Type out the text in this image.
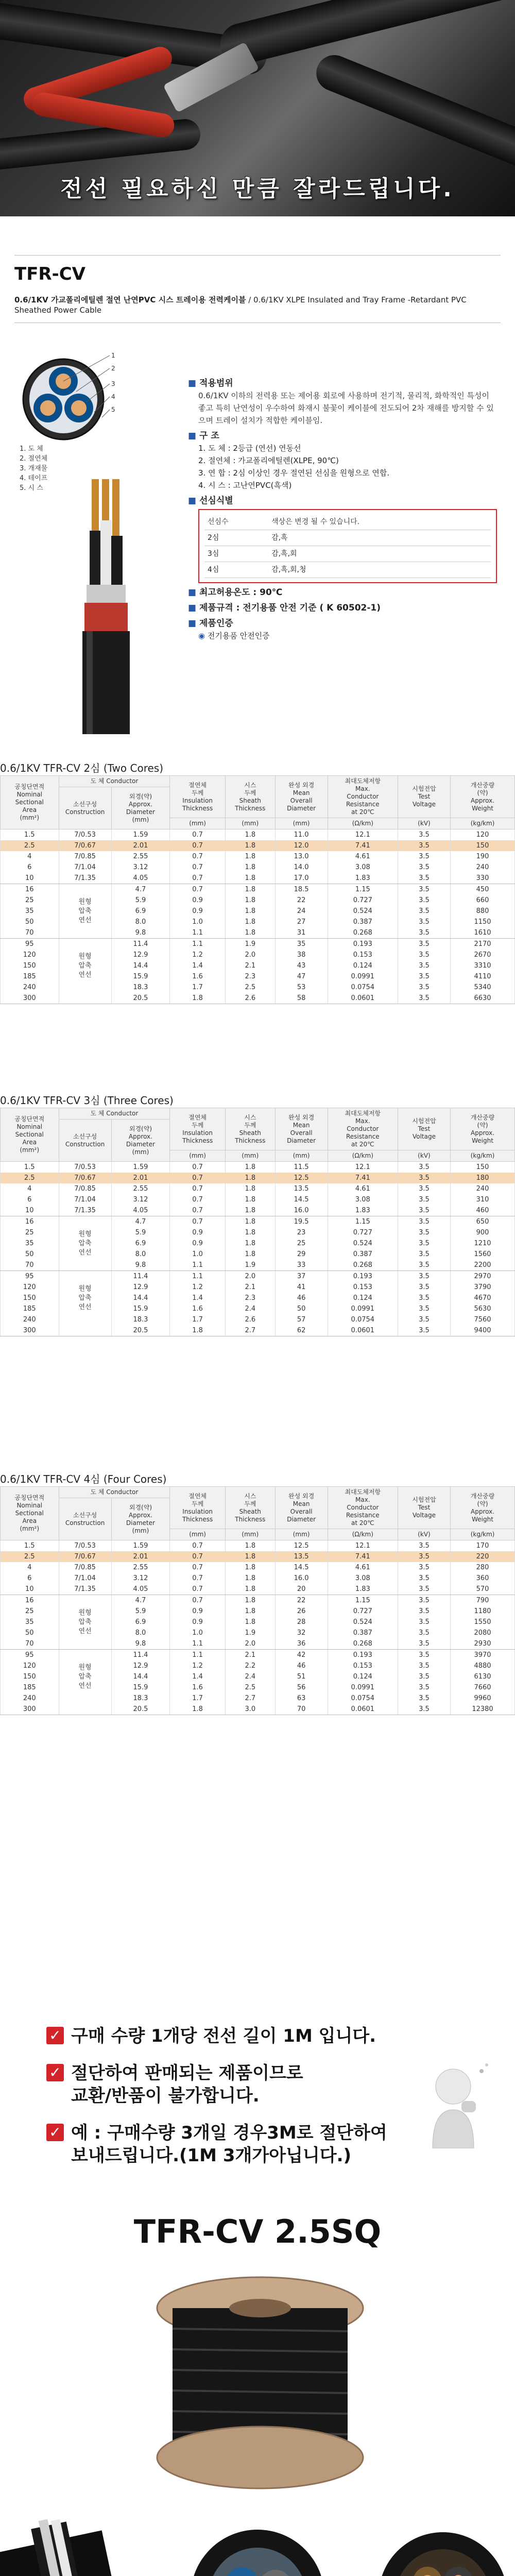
전선 필요하신 만큼 잘라드립니다.
TFR-CV
0.6/1KV 가교폴리에틸렌 절연 난연PVC 시스 트레이용 전력케이블 / 0.6/1KV XLPE Insulated and Tray Frame -Retardant PVC Sheathed Power Cable
1
2
3
4
5
1. 도 체
2. 절연체
3. 개재물
4. 테이프
5. 시 스
■ 적용범위
0.6/1KV 이하의 전력용 또는 제어용 회로에 사용하며 전기적, 물리적, 화학적인 특성이 좋고 특히 난연성이 우수하여 화재시 불꽃이 케이블에 전도되어 2차 재해를 방지할 수 있으며 트레이 설치가 적합한 케이블임.
■ 구 조
1. 도 체 : 2등급 (연선) 연동선
2. 절연체 : 가교폴리에틸렌(XLPE, 90℃)
3. 연 합 : 2심 이상인 경우 절연된 선심을 원형으로 연합.
4. 시 스 : 고난연PVC(흑색)
■ 선심식별
선심수	색상은 변경 될 수 있습니다.
2심	감,흑
3심	감,흑,회
4심	감,흑,회,청
■ 최고허용온도 : 90℃
■ 제품규격 : 전기용품 안전 기준 ( K 60502-1)
■ 제품인증
◉ 전기용품 안전인증
0.6/1KV TFR-CV 2심 (Two Cores)
공칭단면적
Nominal
Sectional
Area
(mm²)	도 체 Conductor		절연체
두께
Insulation
Thickness	시스
두께
Sheath
Thickness	완성 외경
Mean
Overall
Diameter	최대도체저항
Max.
Conductor
Resistance
at 20℃	시험전압
Test
Voltage	개산중량
(약)
Approx.
Weight
	소선구성
Construction	외경(약)
Approx.
Diameter
(mm)						
			(mm)	(mm)	(mm)	(Ω/km)	(kV)	(kg/km)
1.5	7/0.53	1.59	0.7	1.8	11.0	12.1	3.5	120
2.5	7/0.67	2.01	0.7	1.8	12.0	7.41	3.5	150
4	7/0.85	2.55	0.7	1.8	13.0	4.61	3.5	190
6	7/1.04	3.12	0.7	1.8	14.0	3.08	3.5	240
10	7/1.35	4.05	0.7	1.8	17.0	1.83	3.5	330
16	원형
압축
연선	4.7	0.7	1.8	18.5	1.15	3.5	450
25		5.9	0.9	1.8	22	0.727	3.5	660
35		6.9	0.9	1.8	24	0.524	3.5	880
50		8.0	1.0	1.8	27	0.387	3.5	1150
70		9.8	1.1	1.8	31	0.268	3.5	1610
95	원형
압축
연선	11.4	1.1	1.9	35	0.193	3.5	2170
120		12.9	1.2	2.0	38	0.153	3.5	2670
150		14.4	1.4	2.1	43	0.124	3.5	3310
185		15.9	1.6	2.3	47	0.0991	3.5	4110
240		18.3	1.7	2.5	53	0.0754	3.5	5340
300		20.5	1.8	2.6	58	0.0601	3.5	6630
0.6/1KV TFR-CV 3심 (Three Cores)
공칭단면적
Nominal
Sectional
Area
(mm²)	도 체 Conductor		절연체
두께
Insulation
Thickness	시스
두께
Sheath
Thickness	완성 외경
Mean
Overall
Diameter	최대도체저항
Max.
Conductor
Resistance
at 20℃	시험전압
Test
Voltage	개산중량
(약)
Approx.
Weight
	소선구성
Construction	외경(약)
Approx.
Diameter
(mm)						
			(mm)	(mm)	(mm)	(Ω/km)	(kV)	(kg/km)
1.5	7/0.53	1.59	0.7	1.8	11.5	12.1	3.5	150
2.5	7/0.67	2.01	0.7	1.8	12.5	7.41	3.5	180
4	7/0.85	2.55	0.7	1.8	13.5	4.61	3.5	240
6	7/1.04	3.12	0.7	1.8	14.5	3.08	3.5	310
10	7/1.35	4.05	0.7	1.8	16.0	1.83	3.5	460
16	원형
압축
연선	4.7	0.7	1.8	19.5	1.15	3.5	650
25		5.9	0.9	1.8	23	0.727	3.5	900
35		6.9	0.9	1.8	25	0.524	3.5	1210
50		8.0	1.0	1.8	29	0.387	3.5	1560
70		9.8	1.1	1.9	33	0.268	3.5	2200
95	원형
압축
연선	11.4	1.1	2.0	37	0.193	3.5	2970
120		12.9	1.2	2.1	41	0.153	3.5	3790
150		14.4	1.4	2.3	46	0.124	3.5	4670
185		15.9	1.6	2.4	50	0.0991	3.5	5630
240		18.3	1.7	2.6	57	0.0754	3.5	7560
300		20.5	1.8	2.7	62	0.0601	3.5	9400
0.6/1KV TFR-CV 4심 (Four Cores)
공칭단면적
Nominal
Sectional
Area
(mm²)	도 체 Conductor		절연체
두께
Insulation
Thickness	시스
두께
Sheath
Thickness	완성 외경
Mean
Overall
Diameter	최대도체저항
Max.
Conductor
Resistance
at 20℃	시험전압
Test
Voltage	개산중량
(약)
Approx.
Weight
	소선구성
Construction	외경(약)
Approx.
Diameter
(mm)						
			(mm)	(mm)	(mm)	(Ω/km)	(kV)	(kg/km)
1.5	7/0.53	1.59	0.7	1.8	12.5	12.1	3.5	170
2.5	7/0.67	2.01	0.7	1.8	13.5	7.41	3.5	220
4	7/0.85	2.55	0.7	1.8	14.5	4.61	3.5	280
6	7/1.04	3.12	0.7	1.8	16.0	3.08	3.5	360
10	7/1.35	4.05	0.7	1.8	20	1.83	3.5	570
16	원형
압축
연선	4.7	0.7	1.8	22	1.15	3.5	790
25		5.9	0.9	1.8	26	0.727	3.5	1180
35		6.9	0.9	1.8	28	0.524	3.5	1550
50		8.0	1.0	1.9	32	0.387	3.5	2080
70		9.8	1.1	2.0	36	0.268	3.5	2930
95	원형
압축
연선	11.4	1.1	2.1	42	0.193	3.5	3970
120		12.9	1.2	2.2	46	0.153	3.5	4880
150		14.4	1.4	2.4	51	0.124	3.5	6130
185		15.9	1.6	2.5	56	0.0991	3.5	7660
240		18.3	1.7	2.7	63	0.0754	3.5	9960
300		20.5	1.8	3.0	70	0.0601	3.5	12380
✓ 구매 수량 1개당 전선 길이 1M 입니다.
✓ 절단하여 판매되는 제품이므로
교환/반품이 불가합니다.
✓ 예 : 구매수량 3개일 경우3M로 절단하여
보내드립니다.(1M 3개가아닙니다.)
TFR-CV 2.5SQ
